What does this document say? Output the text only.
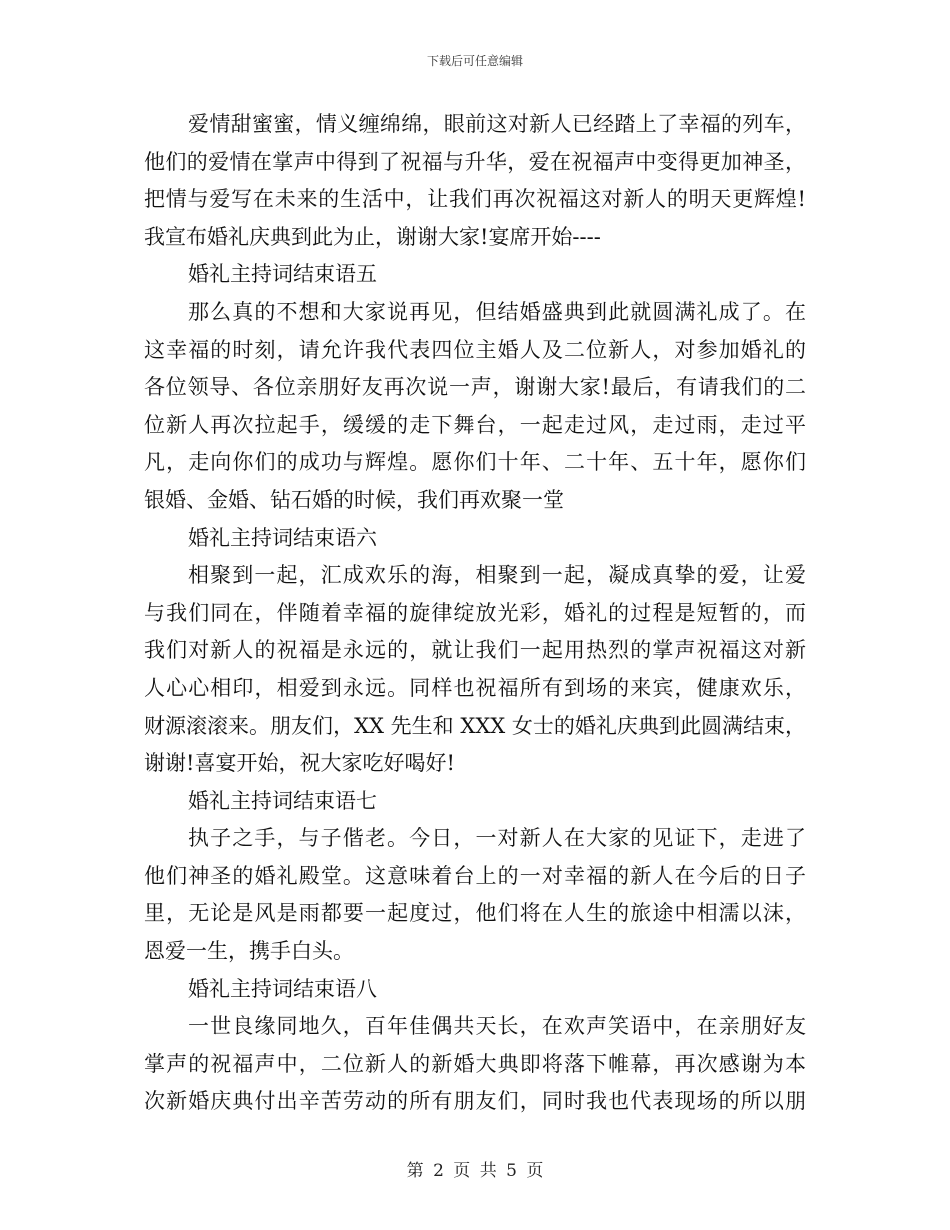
下载后可任意编辑
爱情甜蜜蜜，情义缠绵绵，眼前这对新人已经踏上了幸福的列车，
他们的爱情在掌声中得到了祝福与升华，爱在祝福声中变得更加神圣，
把情与爱写在未来的生活中，让我们再次祝福这对新人的明天更辉煌!
我宣布婚礼庆典到此为止，谢谢大家!宴席开始----
婚礼主持词结束语五
那么真的不想和大家说再见，但结婚盛典到此就圆满礼成了。在
这幸福的时刻，请允许我代表四位主婚人及二位新人，对参加婚礼的
各位领导、各位亲朋好友再次说一声，谢谢大家!最后，有请我们的二
位新人再次拉起手，缓缓的走下舞台，一起走过风，走过雨，走过平
凡，走向你们的成功与辉煌。愿你们十年、二十年、五十年，愿你们
银婚、金婚、钻石婚的时候，我们再欢聚一堂
婚礼主持词结束语六
相聚到一起，汇成欢乐的海，相聚到一起，凝成真挚的爱，让爱
与我们同在，伴随着幸福的旋律绽放光彩，婚礼的过程是短暂的，而
我们对新人的祝福是永远的，就让我们一起用热烈的掌声祝福这对新
人心心相印，相爱到永远。同样也祝福所有到场的来宾，健康欢乐，
财源滚滚来。朋友们，XX 先生和 XXX 女士的婚礼庆典到此圆满结束，
谢谢!喜宴开始，祝大家吃好喝好!
婚礼主持词结束语七
执子之手，与子偕老。今日，一对新人在大家的见证下，走进了
他们神圣的婚礼殿堂。这意味着台上的一对幸福的新人在今后的日子
里，无论是风是雨都要一起度过，他们将在人生的旅途中相濡以沫，
恩爱一生，携手白头。
婚礼主持词结束语八
一世良缘同地久，百年佳偶共天长，在欢声笑语中，在亲朋好友
掌声的祝福声中，二位新人的新婚大典即将落下帷幕，再次感谢为本
次新婚庆典付出辛苦劳动的所有朋友们，同时我也代表现场的所以朋
第 2 页 共 5 页
